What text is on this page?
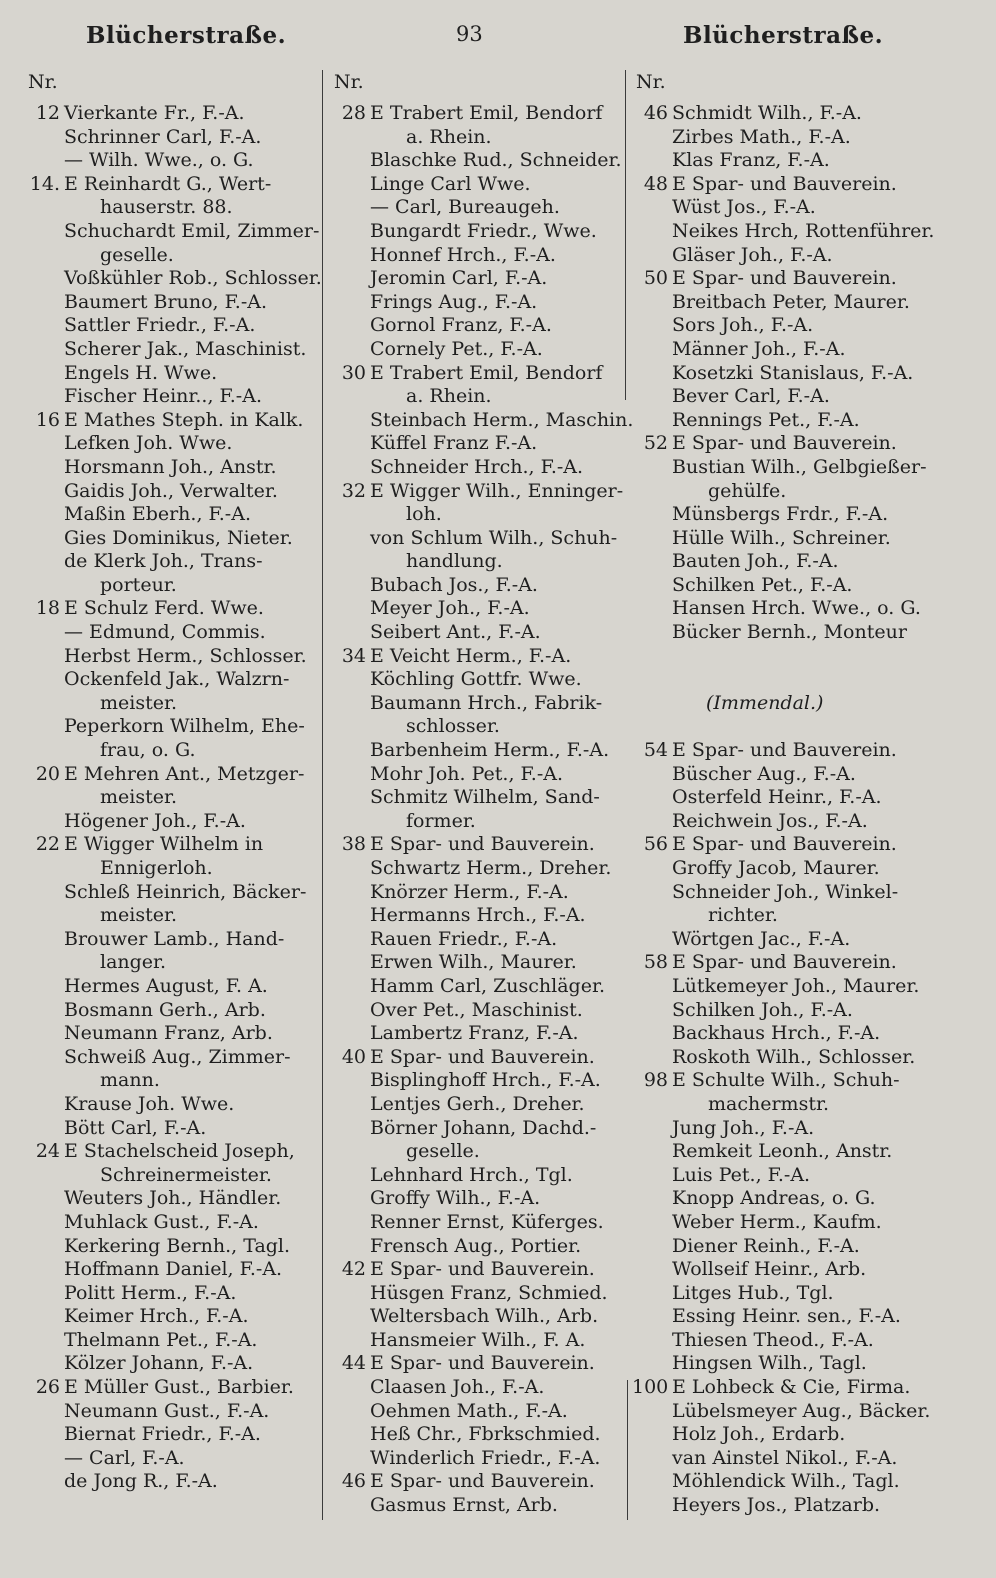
Blücherstraße.	93	Blücherstraße.
Nr.
12 Vierkante Fr., F.-A.
Schrinner Carl, F.-A.
— Wilh. Wwe., o. G.
14. E Reinhardt G., Wert-
hauserstr. 88.
Schuchardt Emil, Zimmer-
geselle.
Voßkühler Rob., Schlosser.
Baumert Bruno, F.-A.
Sattler Friedr., F.-A.
Scherer Jak., Maschinist.
Engels H. Wwe.
Fischer Heinr.., F.-A.
16 E Mathes Steph. in Kalk.
Lefken Joh. Wwe.
Horsmann Joh., Anstr.
Gaidis Joh., Verwalter.
Maßin Eberh., F.-A.
Gies Dominikus, Nieter.
de Klerk Joh., Trans-
porteur.
18 E Schulz Ferd. Wwe.
— Edmund, Commis.
Herbst Herm., Schlosser.
Ockenfeld Jak., Walzrn-
meister.
Peperkorn Wilhelm, Ehe-
frau, o. G.
20 E Mehren Ant., Metzger-
meister.
Högener Joh., F.-A.
22 E Wigger Wilhelm in
Ennigerloh.
Schleß Heinrich, Bäcker-
meister.
Brouwer Lamb., Hand-
langer.
Hermes August, F. A.
Bosmann Gerh., Arb.
Neumann Franz, Arb.
Schweiß Aug., Zimmer-
mann.
Krause Joh. Wwe.
Bött Carl, F.-A.
24 E Stachelscheid Joseph,
Schreinermeister.
Weuters Joh., Händler.
Muhlack Gust., F.-A.
Kerkering Bernh., Tagl.
Hoffmann Daniel, F.-A.
Politt Herm., F.-A.
Keimer Hrch., F.-A.
Thelmann Pet., F.-A.
Kölzer Johann, F.-A.
26 E Müller Gust., Barbier.
Neumann Gust., F.-A.
Biernat Friedr., F.-A.
— Carl, F.-A.
de Jong R., F.-A.
Nr.
28 E Trabert Emil, Bendorf
a. Rhein.
Blaschke Rud., Schneider.
Linge Carl Wwe.
— Carl, Bureaugeh.
Bungardt Friedr., Wwe.
Honnef Hrch., F.-A.
Jeromin Carl, F.-A.
Frings Aug., F.-A.
Gornol Franz, F.-A.
Cornely Pet., F.-A.
30 E Trabert Emil, Bendorf
a. Rhein.
Steinbach Herm., Maschin.
Küffel Franz F.-A.
Schneider Hrch., F.-A.
32 E Wigger Wilh., Enninger-
loh.
von Schlum Wilh., Schuh-
handlung.
Bubach Jos., F.-A.
Meyer Joh., F.-A.
Seibert Ant., F.-A.
34 E Veicht Herm., F.-A.
Köchling Gottfr. Wwe.
Baumann Hrch., Fabrik-
schlosser.
Barbenheim Herm., F.-A.
Mohr Joh. Pet., F.-A.
Schmitz Wilhelm, Sand-
former.
38 E Spar- und Bauverein.
Schwartz Herm., Dreher.
Knörzer Herm., F.-A.
Hermanns Hrch., F.-A.
Rauen Friedr., F.-A.
Erwen Wilh., Maurer.
Hamm Carl, Zuschläger.
Over Pet., Maschinist.
Lambertz Franz, F.-A.
40 E Spar- und Bauverein.
Bisplinghoff Hrch., F.-A.
Lentjes Gerh., Dreher.
Börner Johann, Dachd.-
geselle.
Lehnhard Hrch., Tgl.
Groffy Wilh., F.-A.
Renner Ernst, Küferges.
Frensch Aug., Portier.
42 E Spar- und Bauverein.
Hüsgen Franz, Schmied.
Weltersbach Wilh., Arb.
Hansmeier Wilh., F. A.
44 E Spar- und Bauverein.
Claasen Joh., F.-A.
Oehmen Math., F.-A.
Heß Chr., Fbrkschmied.
Winderlich Friedr., F.-A.
46 E Spar- und Bauverein.
Gasmus Ernst, Arb.
Nr.
46 Schmidt Wilh., F.-A.
Zirbes Math., F.-A.
Klas Franz, F.-A.
48 E Spar- und Bauverein.
Wüst Jos., F.-A.
Neikes Hrch, Rottenführer.
Gläser Joh., F.-A.
50 E Spar- und Bauverein.
Breitbach Peter, Maurer.
Sors Joh., F.-A.
Männer Joh., F.-A.
Kosetzki Stanislaus, F.-A.
Bever Carl, F.-A.
Rennings Pet., F.-A.
52 E Spar- und Bauverein.
Bustian Wilh., Gelbgießer-
gehülfe.
Münsbergs Frdr., F.-A.
Hülle Wilh., Schreiner.
Bauten Joh., F.-A.
Schilken Pet., F.-A.
Hansen Hrch. Wwe., o. G.
Bücker Bernh., Monteur
(Immendal.)
54 E Spar- und Bauverein.
Büscher Aug., F.-A.
Osterfeld Heinr., F.-A.
Reichwein Jos., F.-A.
56 E Spar- und Bauverein.
Groffy Jacob, Maurer.
Schneider Joh., Winkel-
richter.
Wörtgen Jac., F.-A.
58 E Spar- und Bauverein.
Lütkemeyer Joh., Maurer.
Schilken Joh., F.-A.
Backhaus Hrch., F.-A.
Roskoth Wilh., Schlosser.
98 E Schulte Wilh., Schuh-
machermstr.
Jung Joh., F.-A.
Remkeit Leonh., Anstr.
Luis Pet., F.-A.
Knopp Andreas, o. G.
Weber Herm., Kaufm.
Diener Reinh., F.-A.
Wollseif Heinr., Arb.
Litges Hub., Tgl.
Essing Heinr. sen., F.-A.
Thiesen Theod., F.-A.
Hingsen Wilh., Tagl.
100 E Lohbeck & Cie, Firma.
Lübelsmeyer Aug., Bäcker.
Holz Joh., Erdarb.
van Ainstel Nikol., F.-A.
Möhlendick Wilh., Tagl.
Heyers Jos., Platzarb.
